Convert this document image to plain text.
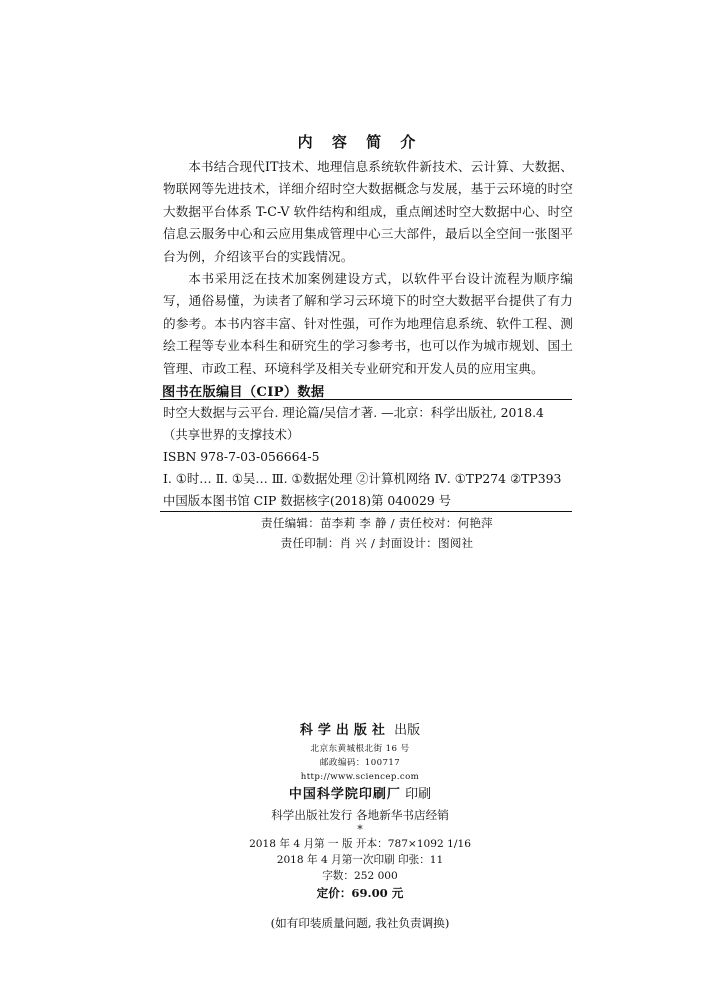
内 容 简 介

本书结合现代IT技术、地理信息系统软件新技术、云计算、大数据、物联网等先进技术，详细介绍时空大数据概念与发展，基于云环境的时空大数据平台体系 T-C-V 软件结构和组成，重点阐述时空大数据中心、时空信息云服务中心和云应用集成管理中心三大部件，最后以全空间一张图平台为例，介绍该平台的实践情况。

本书采用泛在技术加案例建设方式，以软件平台设计流程为顺序编写，通俗易懂，为读者了解和学习云环境下的时空大数据平台提供了有力的参考。本书内容丰富、针对性强，可作为地理信息系统、软件工程、测绘工程等专业本科生和研究生的学习参考书，也可以作为城市规划、国土管理、市政工程、环境科学及相关专业研究和开发人员的应用宝典。

图书在版编目（CIP）数据
时空大数据与云平台. 理论篇/吴信才著. —北京：科学出版社, 2018.4
（共享世界的支撑技术）
ISBN 978-7-03-056664-5
Ⅰ. ①时… Ⅱ. ①吴… Ⅲ. ①数据处理 ②计算机网络 Ⅳ. ①TP274 ②TP393
中国版本图书馆 CIP 数据核字(2018)第 040029 号
责任编辑：苗李莉 李 静 / 责任校对：何艳萍
责任印制：肖 兴 / 封面设计：图阅社
科学出版社 出版
北京东黄城根北街 16 号
邮政编码：100717
http://www.sciencep.com
中国科学院印刷厂 印刷
科学出版社发行 各地新华书店经销
*
2018 年 4 月第 一 版 开本：787×1092 1/16
2018 年 4 月第一次印刷 印张：11
字数：252 000
定价：69.00 元
(如有印装质量问题, 我社负责调换)
